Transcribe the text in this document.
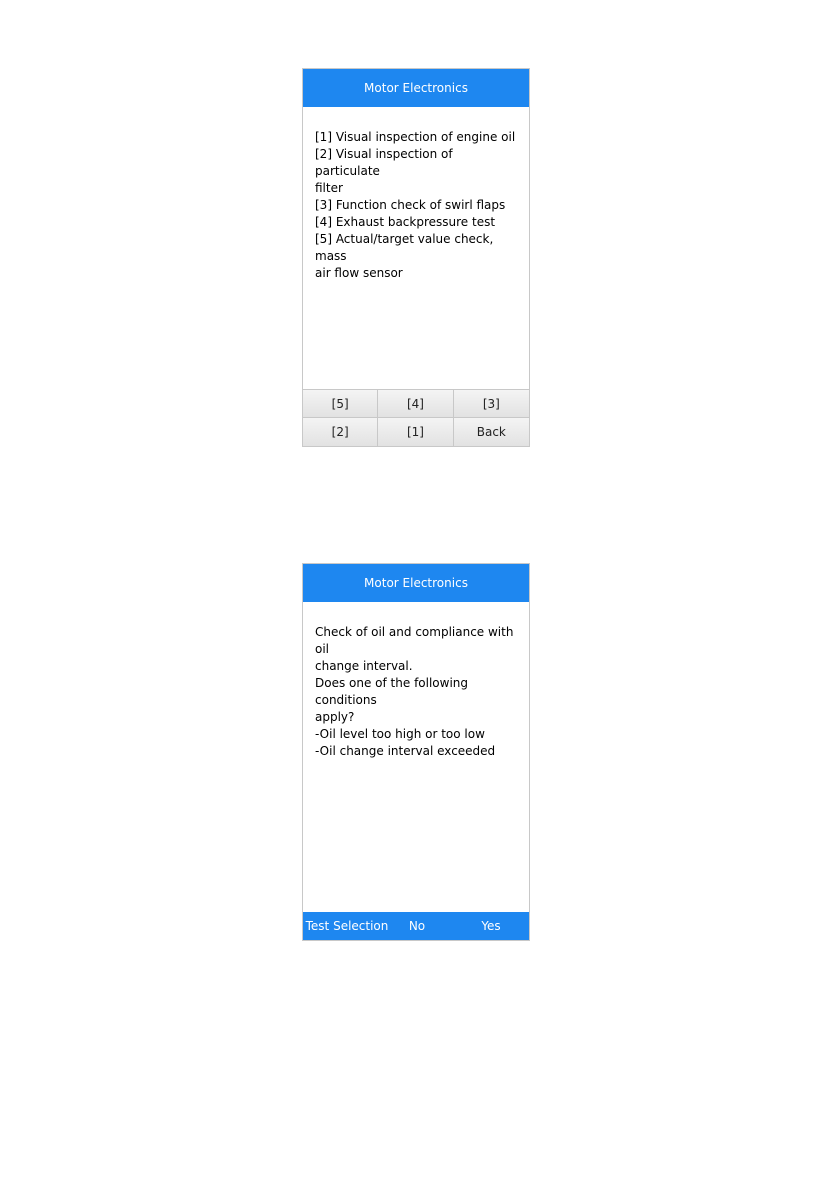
Motor Electronics
[1] Visual inspection of engine oil
[2] Visual inspection of particulate
filter
[3] Function check of swirl flaps
[4] Exhaust backpressure test
[5] Actual/target value check, mass
air flow sensor
[5]	[4]	[3]
[2]	[1]	Back
Motor Electronics
Check of oil and compliance with oil
change interval.
Does one of the following conditions
apply?
-Oil level too high or too low
-Oil change interval exceeded
Test Selection	No	Yes
